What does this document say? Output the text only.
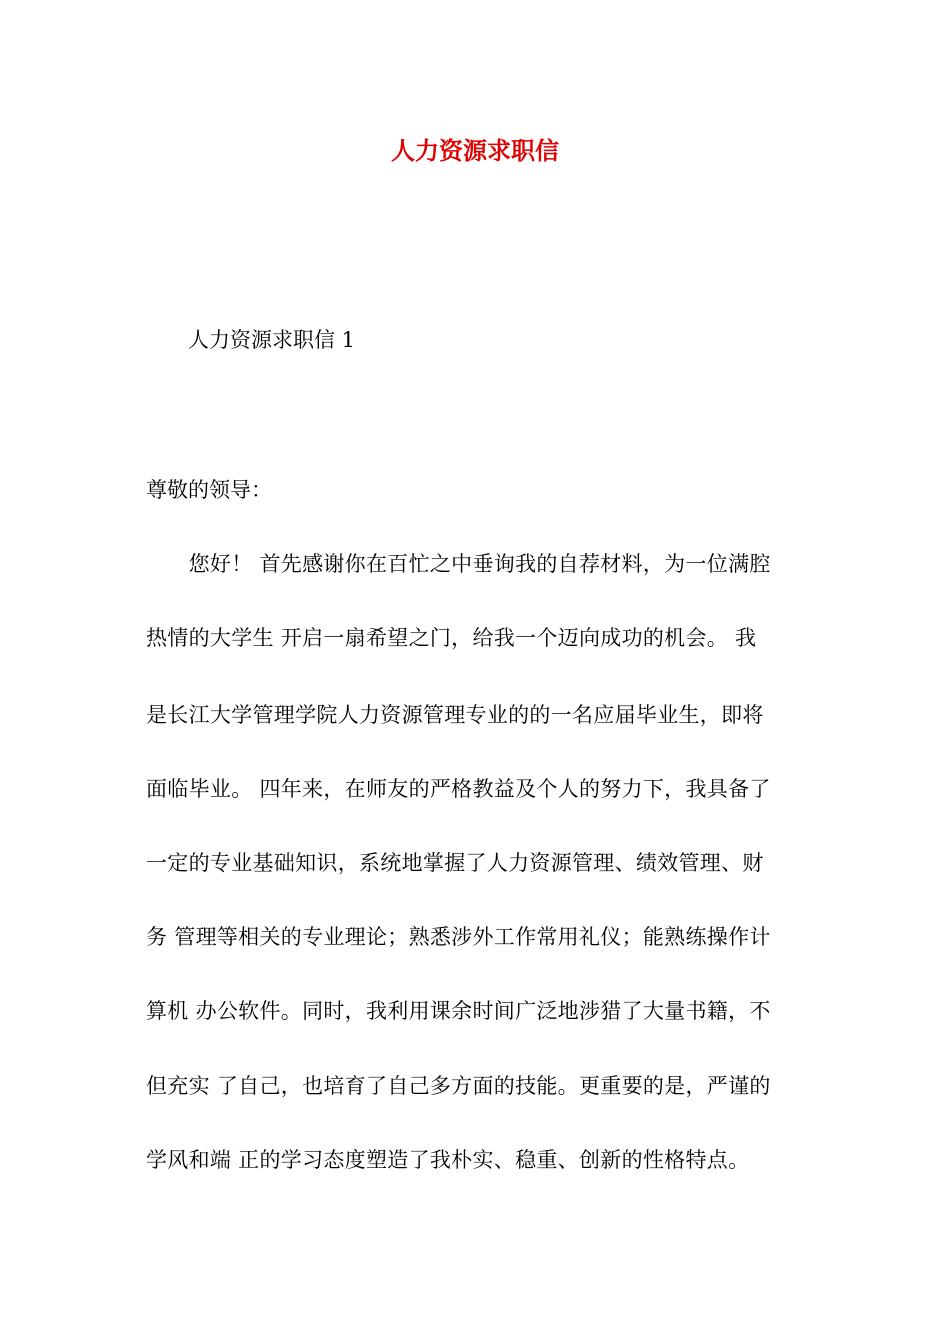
人力资源求职信
人力资源求职信 1
尊敬的领导：
　　您好！ 首先感谢你在百忙之中垂询我的自荐材料，为一位满腔
热情的大学生 开启一扇希望之门，给我一个迈向成功的机会。 我
是长江大学管理学院人力资源管理专业的的一名应届毕业生，即将
面临毕业。 四年来，在师友的严格教益及个人的努力下，我具备了
一定的专业基础知识，系统地掌握了人力资源管理、绩效管理、财
务 管理等相关的专业理论；熟悉涉外工作常用礼仪；能熟练操作计
算机 办公软件。同时，我利用课余时间广泛地涉猎了大量书籍，不
但充实 了自己，也培育了自己多方面的技能。更重要的是，严谨的
学风和端 正的学习态度塑造了我朴实、稳重、创新的性格特点。
